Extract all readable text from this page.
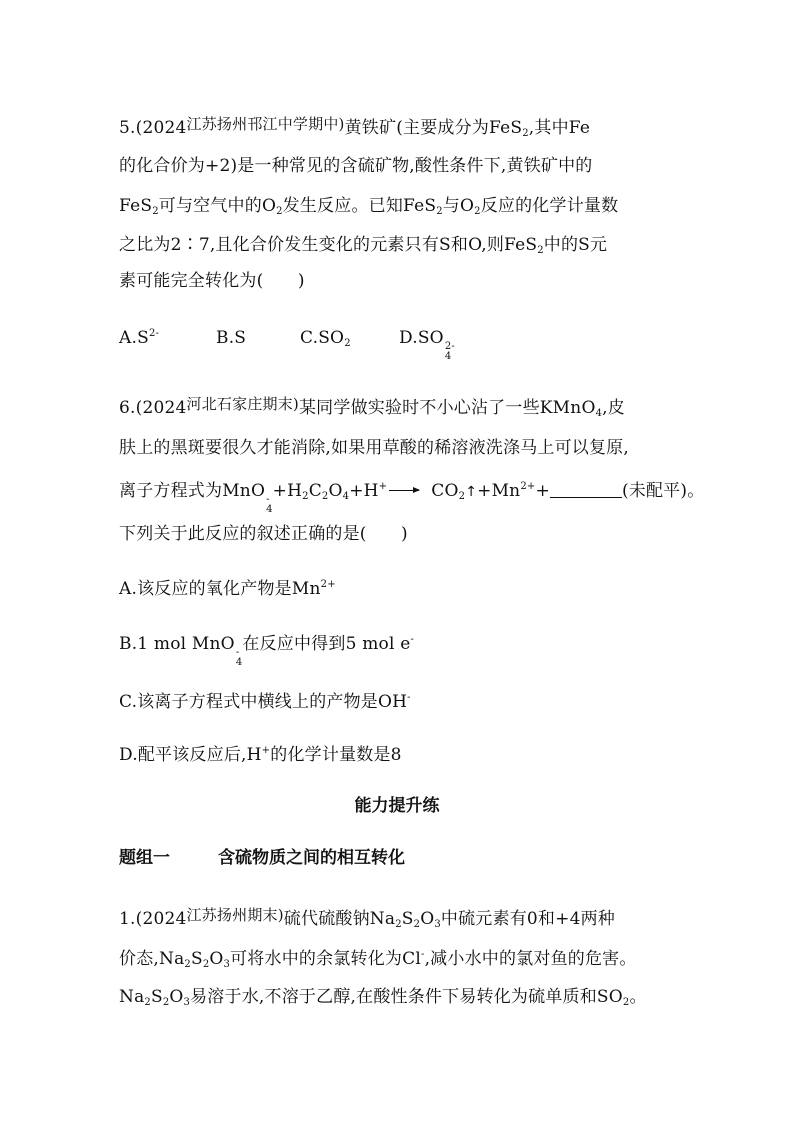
5.(2024江苏扬州邗江中学期中)黄铁矿(主要成分为FeS$_2$,其中Fe
的化合价为+2)是一种常见的含硫矿物,酸性条件下,黄铁矿中的
FeS$_2$可与空气中的$O_2$发生反应。已知FeS$_2$与$O_2$反应的化学计量数
之比为2∶7,且化合价发生变化的元素只有S和O,则FeS$_2$中的S元
素可能完全转化为(　　)
$A.S^{2-}$	B.S	$C.SO_2$	D.SO 2-
4
6.(2024河北石家庄期末)某同学做实验时不小心沾了一些KMnO$_4$,皮
肤上的黑斑要很久才能消除,如果用草酸的稀溶液洗涤马上可以复原,
离子方程式为MnO -
4
$+H_2C_2O_4+H^+$ → $CO_2↑+Mn^{2+}+$	(未配平)。
下列关于此反应的叙述正确的是(　　)
A.该反应的氧化产物是$Mn^{2+}$
B.1 mol MnO -
4
在反应中得到5 mol e-
C.该离子方程式中横线上的产物是OH-
D.配平该反应后,H+的化学计量数是8
能力提升练
题组一	含硫物质之间的相互转化
1.(2024江苏扬州期末)硫代硫酸钠$Na_2S_2O_3$中硫元素有0和+4两种
价态$,Na_2S_2O_3$可将水中的余氯转化为Cl-,减小水中的氯对鱼的危害。
$Na_2S_2O_3$易溶于水,不溶于乙醇,在酸性条件下易转化为硫单质和$SO_2$。
